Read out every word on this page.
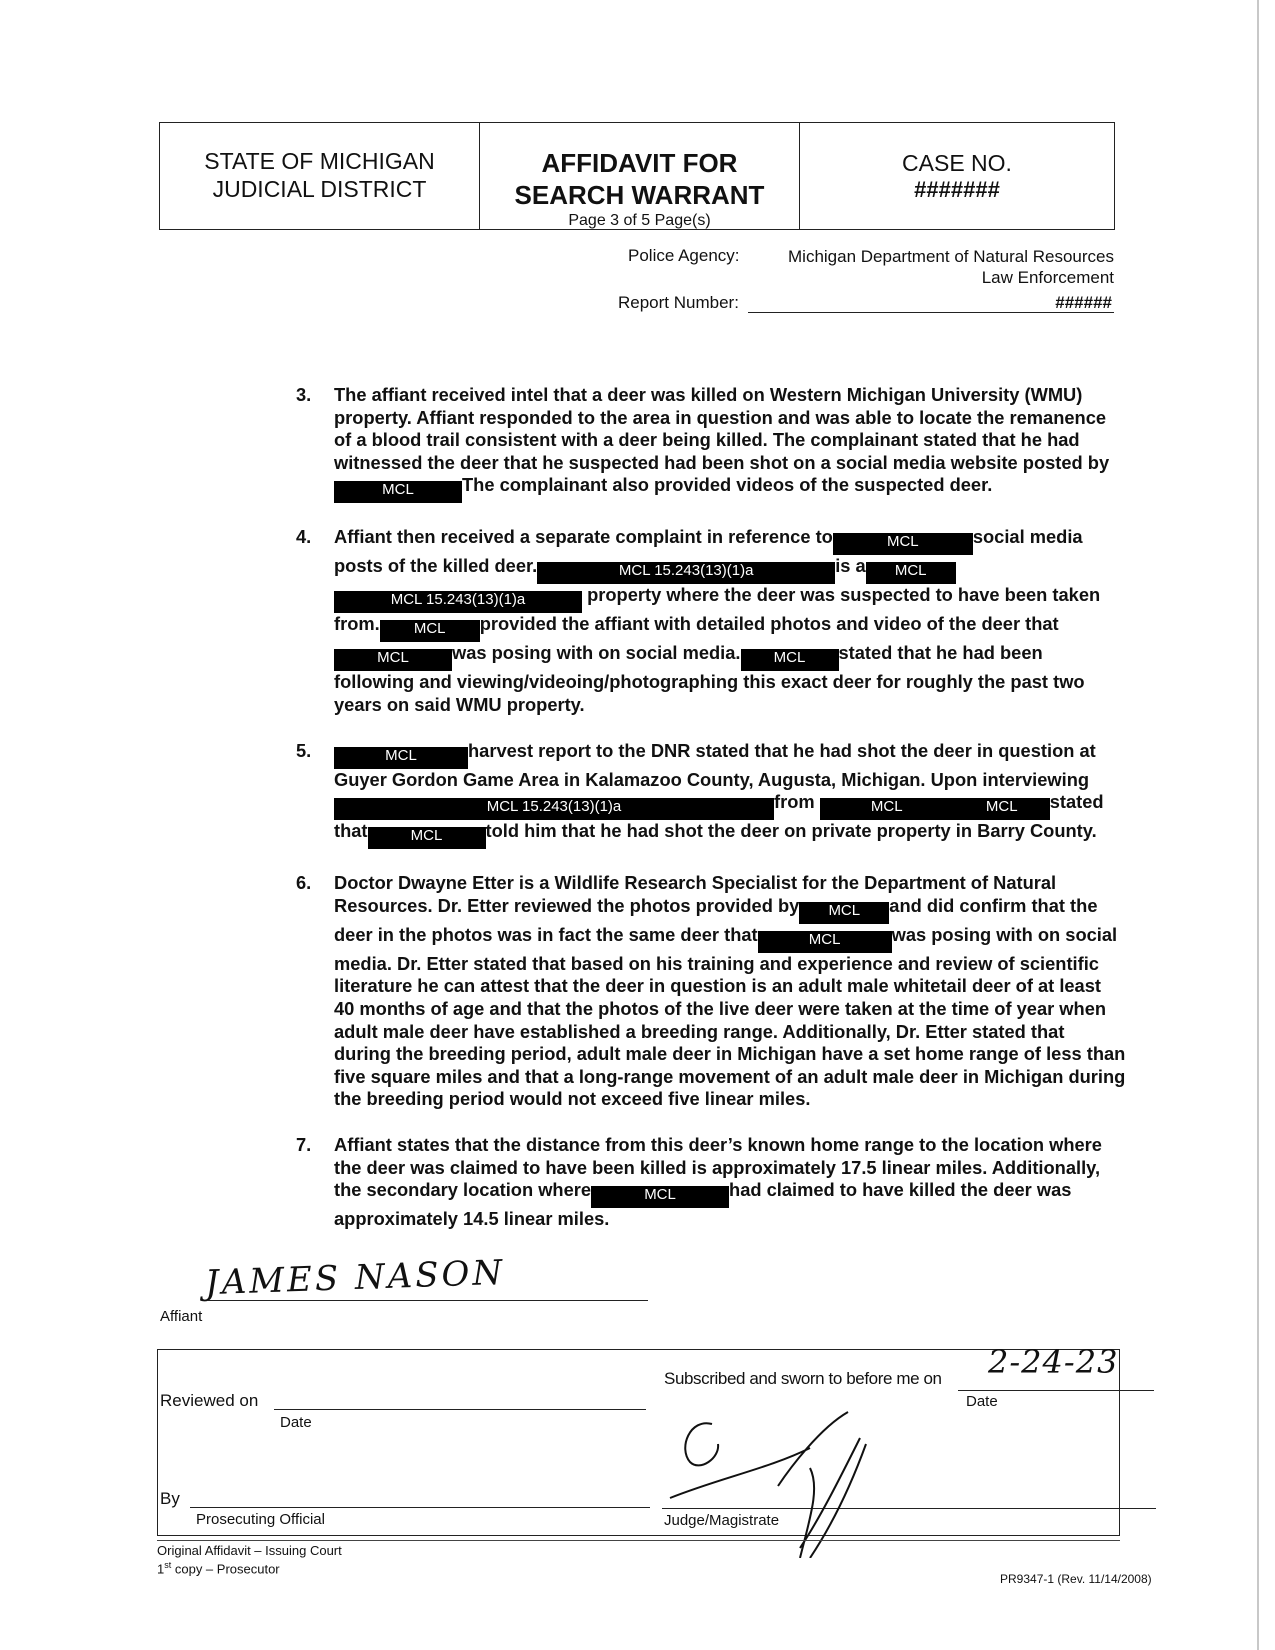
STATE OF MICHIGAN
JUDICIAL DISTRICT
AFFIDAVIT FOR
SEARCH WARRANT
Page 3 of 5 Page(s)
CASE NO.
#######
Police Agency:	Michigan Department of Natural Resources
Law Enforcement
Report Number:	######
3.	The affiant received intel that a deer was killed on Western Michigan University (WMU) property. Affiant responded to the area in question and was able to locate the remanence of a blood trail consistent with a deer being killed. The complainant stated that he had witnessed the deer that he suspected had been shot on a social media website posted byMCL	The complainant also provided videos of the suspected deer.
4.	Affiant then received a separate complaint in reference to	MCL	social media posts of the killed deer.	MCL 15.243(13)(1)a	is a MCL MCL 15.243(13)(1)a	property where the deer was suspected to have been taken from. MCL provided the affiant with detailed photos and video of the deer thatMCL was posing with on social media. MCL stated that he had been following and viewing/videoing/photographing this exact deer for roughly the past two years on said WMU property.
5.	MCL	harvest report to the DNR stated that he had shot the deer in question at Guyer Gordon Game Area in Kalamazoo County, Augusta, Michigan. Upon interviewingMCL 15.243(13)(1)a	from	MCL	MCL stated that	MCL told him that he had shot the deer on private property in Barry County.
6.	Doctor Dwayne Etter is a Wildlife Research Specialist for the Department of Natural Resources. Dr. Etter reviewed the photos provided by MCL and did confirm that the deer in the photos was in fact the same deer that	MCL	was posing with on social media. Dr. Etter stated that based on his training and experience and review of scientific literature he can attest that the deer in question is an adult male whitetail deer of at least 40 months of age and that the photos of the live deer were taken at the time of year when adult male deer have established a breeding range. Additionally, Dr. Etter stated that during the breeding period, adult male deer in Michigan have a set home range of less than five square miles and that a long-range movement of an adult male deer in Michigan during the breeding period would not exceed five linear miles.
7.	Affiant states that the distance from this deer’s known home range to the location where the deer was claimed to have been killed is approximately 17.5 linear miles. Additionally, the secondary location where	MCL	had claimed to have killed the deer was approximately 14.5 linear miles.
JAMES NASON
Affiant
Reviewed on
Date
By
Prosecuting Official
Subscribed and sworn to before me on 2-24-23
Date
Judge/Magistrate
Original Affidavit – Issuing Court
1st copy – Prosecutor
PR9347-1 (Rev. 11/14/2008)
